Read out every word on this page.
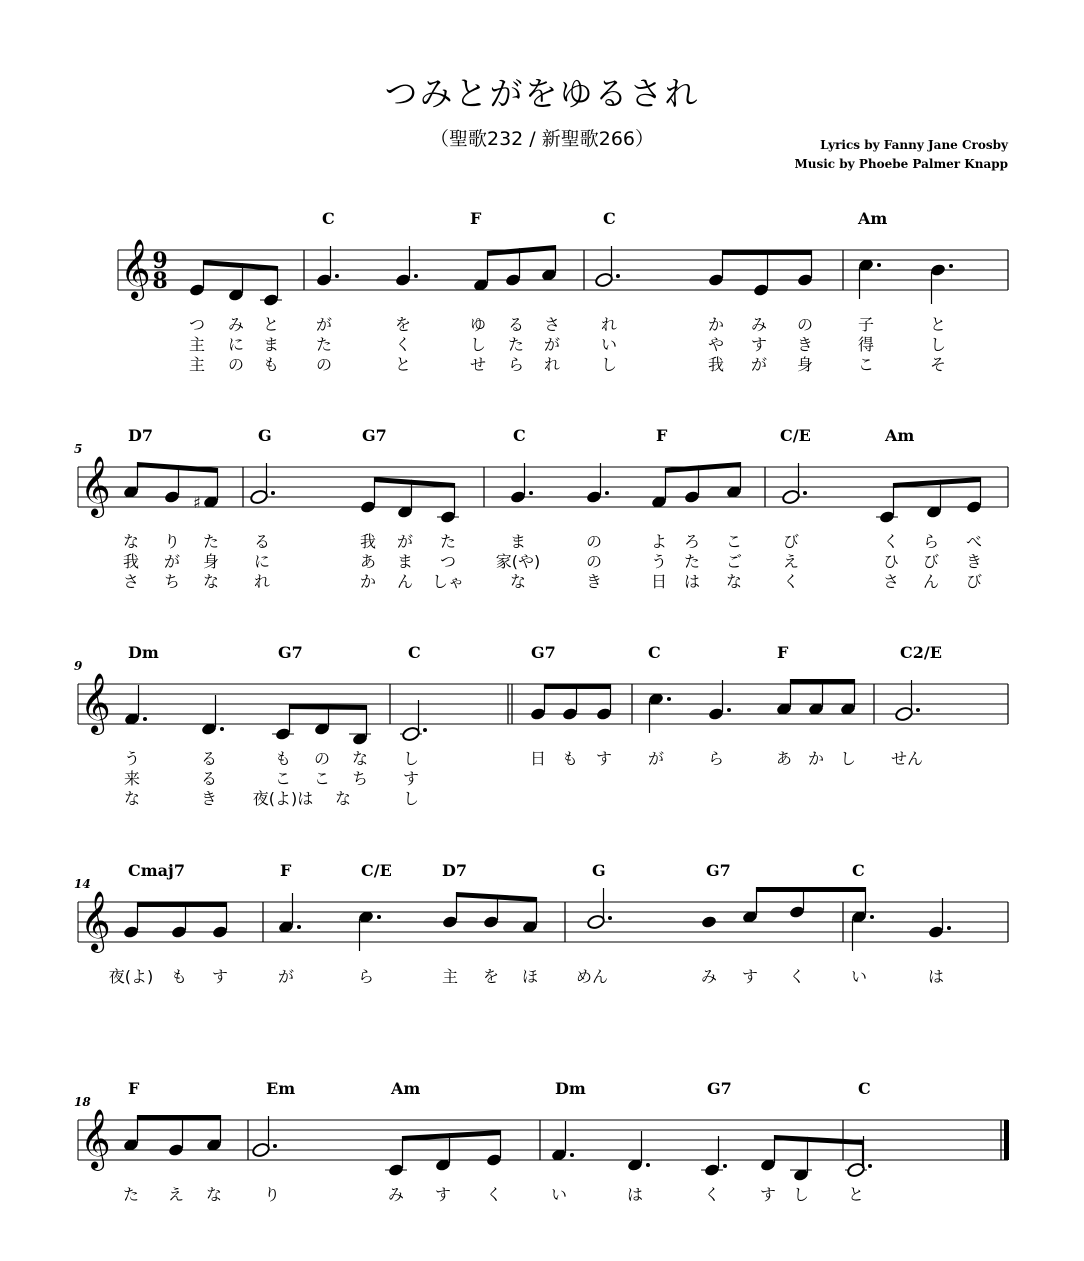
つみとがをゆるされ
（聖歌232 / 新聖歌266）	Lyrics by Fanny Jane Crosby
Music by Phoebe Palmer Knapp
𝄞 9
8
C	F	C	Am
つ み と が	を	ゆ る さ	れ	か み の	子	と
主 に ま た	く	し た が	い	や す き	得	し
主 の も の	と	せ ら れ	し	我 が 身	こ	そ
𝄞
5
D7	G	G7	C	F	C/E	Am
な り た る	我 が た	ま	の	よ ろ こ	び	く ら べ
我 が 身 に	あ ま つ 家(や)	の	う た ご	え	ひ び き
さ ち な れ	か ん しゃ	な	き	日 は な	く	さ ん び
𝄞
9
Dm	G7	C	G7	C	F	C2/E
う	る	も の な し	日 も す が	ら	あ か し せん
来	る	こ こ ち す
な	き 夜(よ)は な	し
𝄞
14
Cmaj7	F	C/E	D7	G	G7	C
夜(よ) も す	が	ら	主 を ほ めん	み す く	い	は
𝄞
18
F	Em	Am	Dm	G7	C
た え な	り	み す く	い	は	く す し と
♯
